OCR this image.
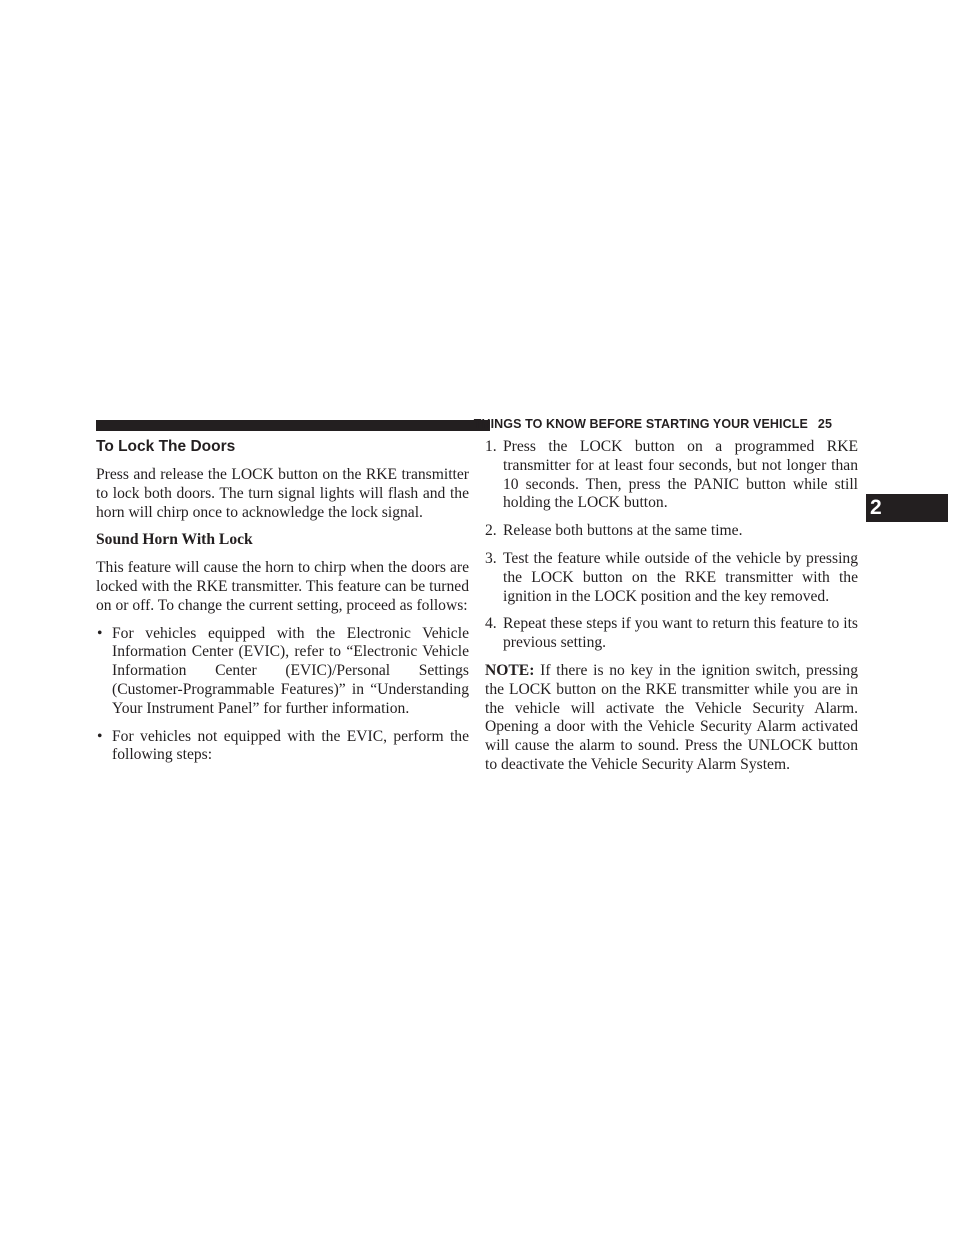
THINGS TO KNOW BEFORE STARTING YOUR VEHICLE 25
2
To Lock The Doors

Press and release the LOCK button on the RKE transmitter to lock both doors. The turn signal lights will flash and the horn will chirp once to acknowledge the lock signal.

Sound Horn With Lock

This feature will cause the horn to chirp when the doors are locked with the RKE transmitter. This feature can be turned on or off. To change the current setting, proceed as follows:

• For vehicles equipped with the Electronic Vehicle Information Center (EVIC), refer to “Electronic Vehicle Information Center (EVIC)/Personal Settings (Customer-Programmable Features)” in “Understanding Your Instrument Panel” for further information.

• For vehicles not equipped with the EVIC, perform the following steps:

1. Press the LOCK button on a programmed RKE transmitter for at least four seconds, but not longer than 10 seconds. Then, press the PANIC button while still holding the LOCK button.

2. Release both buttons at the same time.

3. Test the feature while outside of the vehicle by pressing the LOCK button on the RKE transmitter with the ignition in the LOCK position and the key removed.

4. Repeat these steps if you want to return this feature to its previous setting.

NOTE: If there is no key in the ignition switch, pressing the LOCK button on the RKE transmitter while you are in the vehicle will activate the Vehicle Security Alarm. Opening a door with the Vehicle Security Alarm activated will cause the alarm to sound. Press the UNLOCK button to deactivate the Vehicle Security Alarm System.
